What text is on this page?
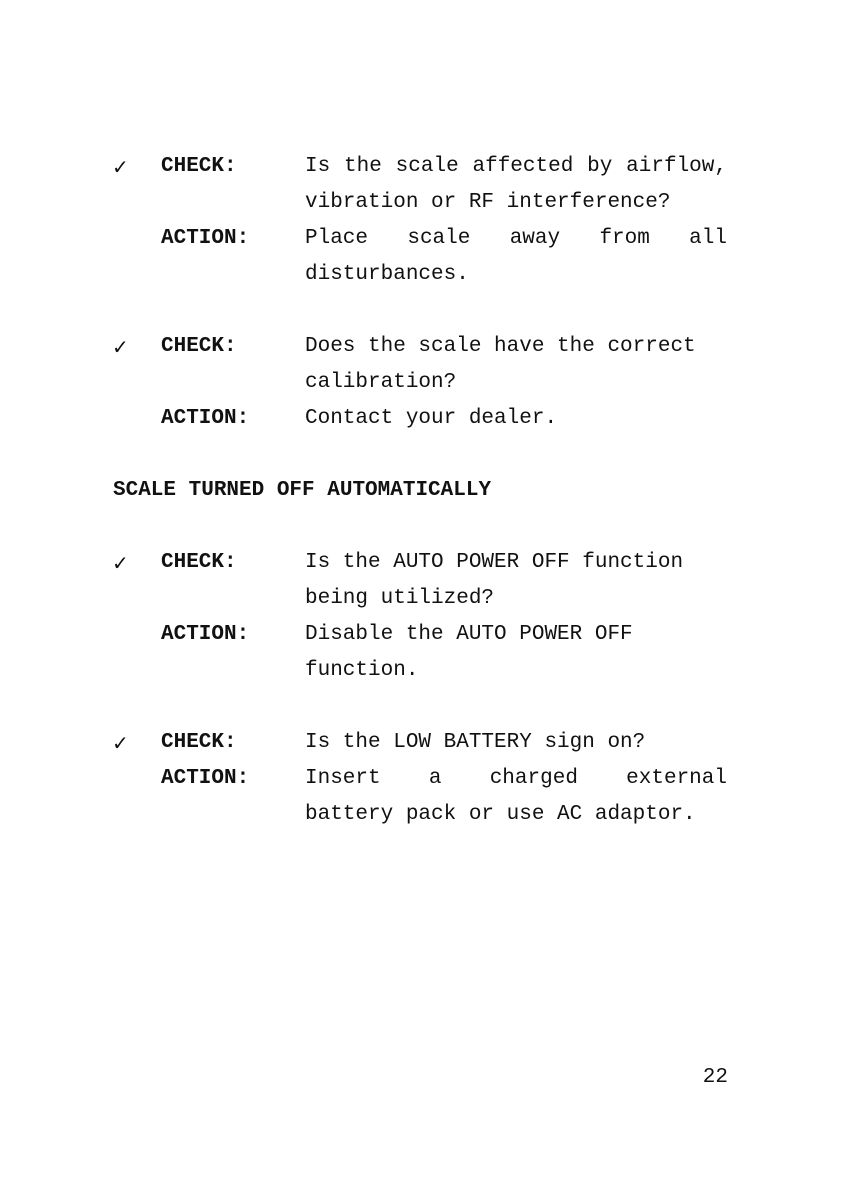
✓ CHECK:	Is the scale affected by airflow,
vibration or RF interference?
ACTION:	Place scale away from all
disturbances.
✓ CHECK:	Does the scale have the correct
calibration?
ACTION:	Contact your dealer.
SCALE TURNED OFF AUTOMATICALLY
✓ CHECK:	Is the AUTO POWER OFF function
being utilized?
ACTION:	Disable the AUTO POWER OFF
function.
✓ CHECK:	Is the LOW BATTERY sign on?
ACTION:	Insert a charged external
battery pack or use AC adaptor.
22
